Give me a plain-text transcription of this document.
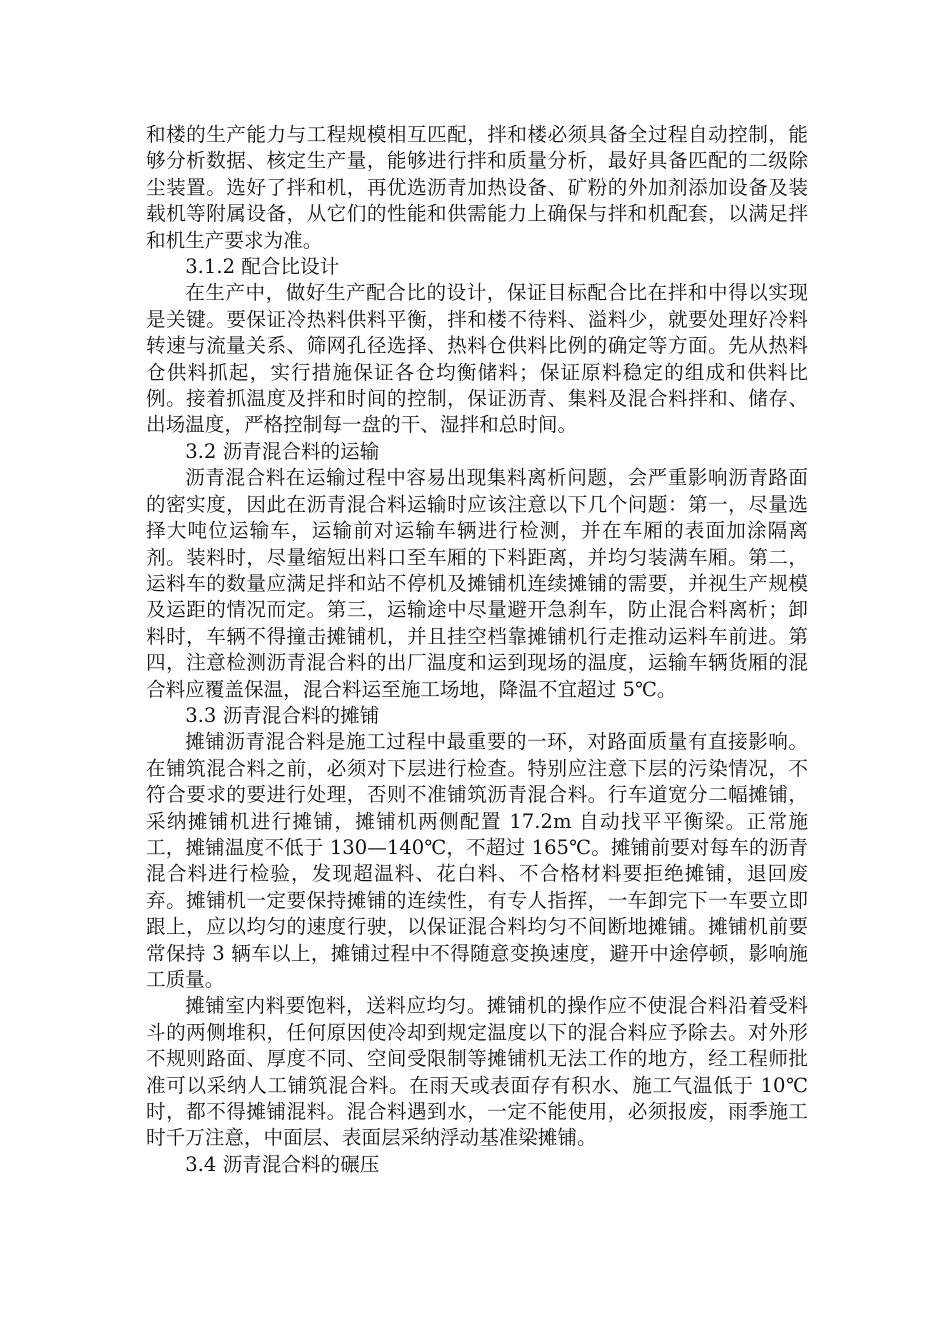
和楼的生产能力与工程规模相互匹配，拌和楼必须具备全过程自动控制，能够分析数据、核定生产量，能够进行拌和质量分析，最好具备匹配的二级除尘装置。选好了拌和机，再优选沥青加热设备、矿粉的外加剂添加设备及装载机等附属设备，从它们的性能和供需能力上确保与拌和机配套，以满足拌和机生产要求为准。

3.1.2 配合比设计

在生产中，做好生产配合比的设计，保证目标配合比在拌和中得以实现是关键。要保证冷热料供料平衡，拌和楼不待料、溢料少，就要处理好冷料转速与流量关系、筛网孔径选择、热料仓供料比例的确定等方面。先从热料仓供料抓起，实行措施保证各仓均衡储料；保证原料稳定的组成和供料比例。接着抓温度及拌和时间的控制，保证沥青、集料及混合料拌和、储存、出场温度，严格控制每一盘的干、湿拌和总时间。

3.2 沥青混合料的运输

沥青混合料在运输过程中容易出现集料离析问题，会严重影响沥青路面的密实度，因此在沥青混合料运输时应该注意以下几个问题：第一，尽量选择大吨位运输车，运输前对运输车辆进行检测，并在车厢的表面加涂隔离剂。装料时，尽量缩短出料口至车厢的下料距离，并均匀装满车厢。第二，运料车的数量应满足拌和站不停机及摊铺机连续摊铺的需要，并视生产规模及运距的情况而定。第三，运输途中尽量避开急刹车，防止混合料离析；卸料时，车辆不得撞击摊铺机，并且挂空档靠摊铺机行走推动运料车前进。第四，注意检测沥青混合料的出厂温度和运到现场的温度，运输车辆货厢的混合料应覆盖保温，混合料运至施工场地，降温不宜超过 5℃。

3.3 沥青混合料的摊铺

摊铺沥青混合料是施工过程中最重要的一环，对路面质量有直接影响。在铺筑混合料之前，必须对下层进行检查。特别应注意下层的污染情况，不符合要求的要进行处理，否则不准铺筑沥青混合料。行车道宽分二幅摊铺，采纳摊铺机进行摊铺，摊铺机两侧配置 17.2m 自动找平平衡梁。正常施工，摊铺温度不低于 130—140℃，不超过 165℃。摊铺前要对每车的沥青混合料进行检验，发现超温料、花白料、不合格材料要拒绝摊铺，退回废弃。摊铺机一定要保持摊铺的连续性，有专人指挥，一车卸完下一车要立即跟上，应以均匀的速度行驶，以保证混合料均匀不间断地摊铺。摊铺机前要常保持 3 辆车以上，摊铺过程中不得随意变换速度，避开中途停顿，影响施工质量。

摊铺室内料要饱料，送料应均匀。摊铺机的操作应不使混合料沿着受料斗的两侧堆积，任何原因使冷却到规定温度以下的混合料应予除去。对外形不规则路面、厚度不同、空间受限制等摊铺机无法工作的地方，经工程师批准可以采纳人工铺筑混合料。在雨天或表面存有积水、施工气温低于 10℃时，都不得摊铺混料。混合料遇到水，一定不能使用，必须报废，雨季施工时千万注意，中面层、表面层采纳浮动基准梁摊铺。

3.4 沥青混合料的碾压
